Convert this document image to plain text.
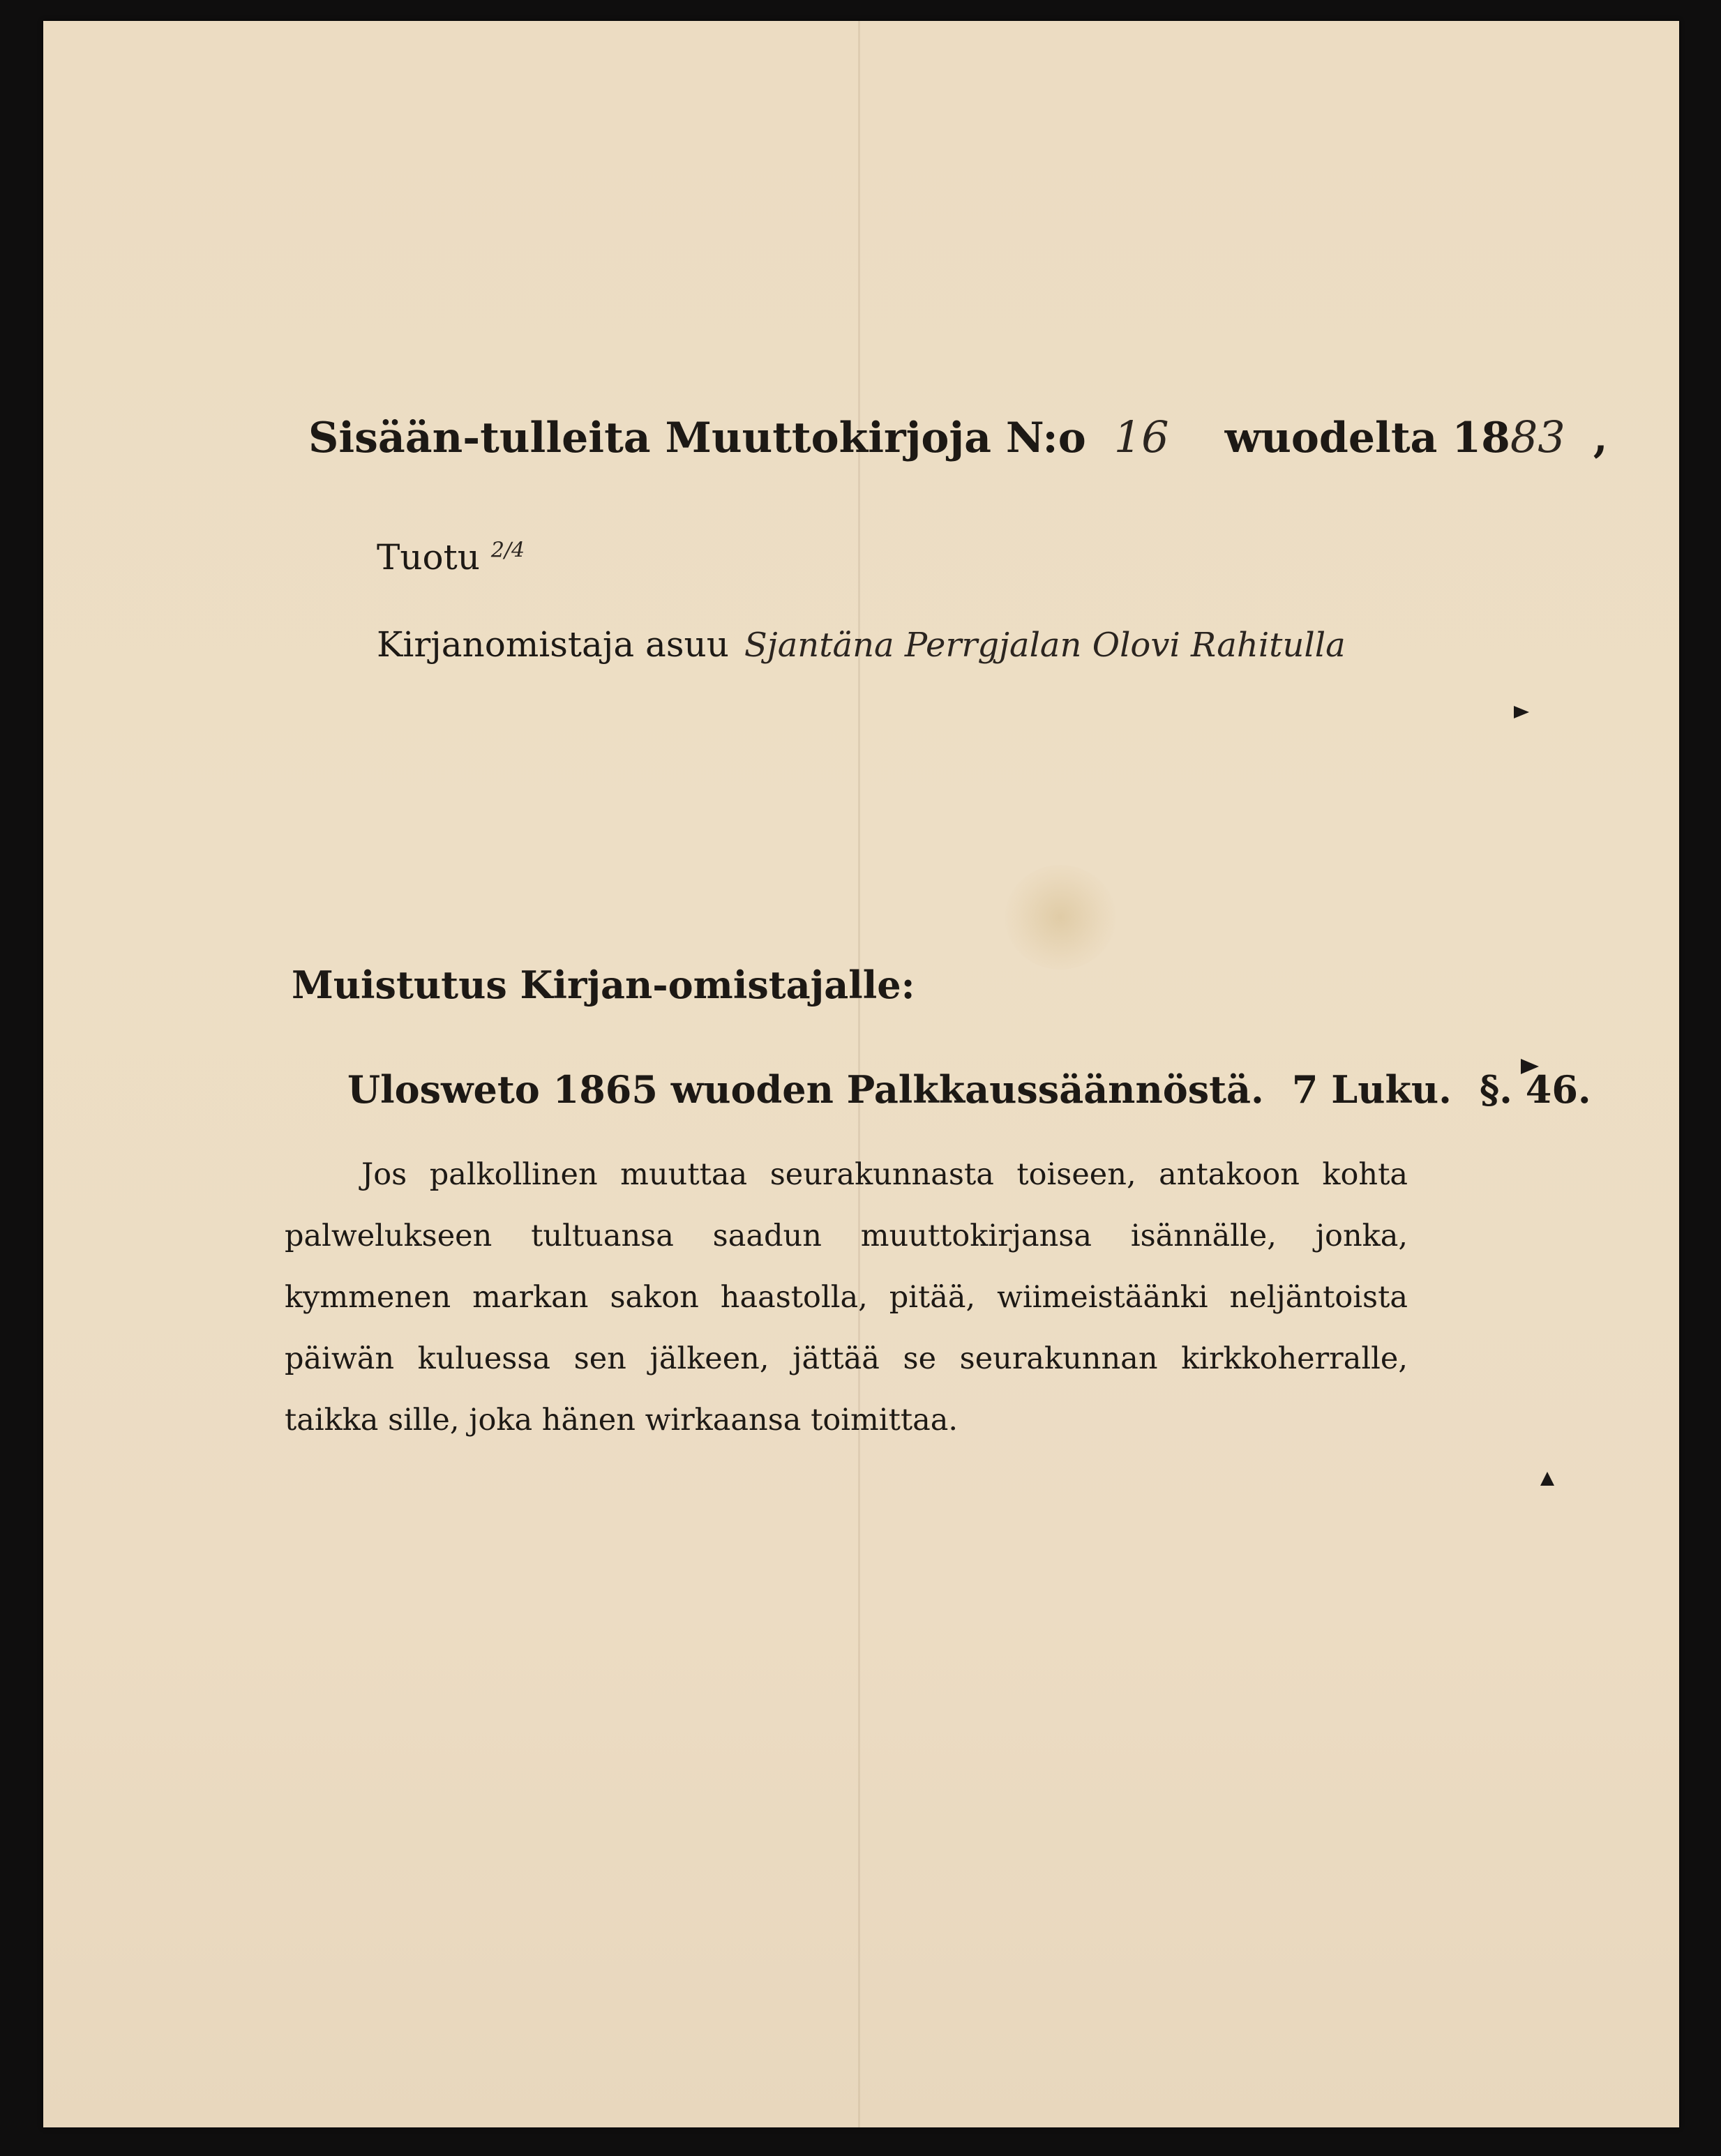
Sisään-tulleita Muuttokirjoja N:o 16 wuodelta 1883 ,
Tuotu $^{2/4}$
Kirjanomistaja asuu Sjantäna Perrgjalan Olovi Rahitulla
Muistutus Kirjan-omistajalle:
Ulosweto 1865 wuoden Palkkaussäännöstä. 7 Luku. §. 46.

Jos palkollinen muuttaa seurakunnasta toiseen, antakoon kohta palwelukseen tultuansa saadun muuttokirjansa isännälle, jonka, kymmenen markan sakon haastolla, pitää, wiimeistäänki neljäntoista päiwän kuluessa sen jälkeen, jättää se seurakunnan kirkkoherralle, taikka sille, joka hänen wirkaansa toimittaa.
